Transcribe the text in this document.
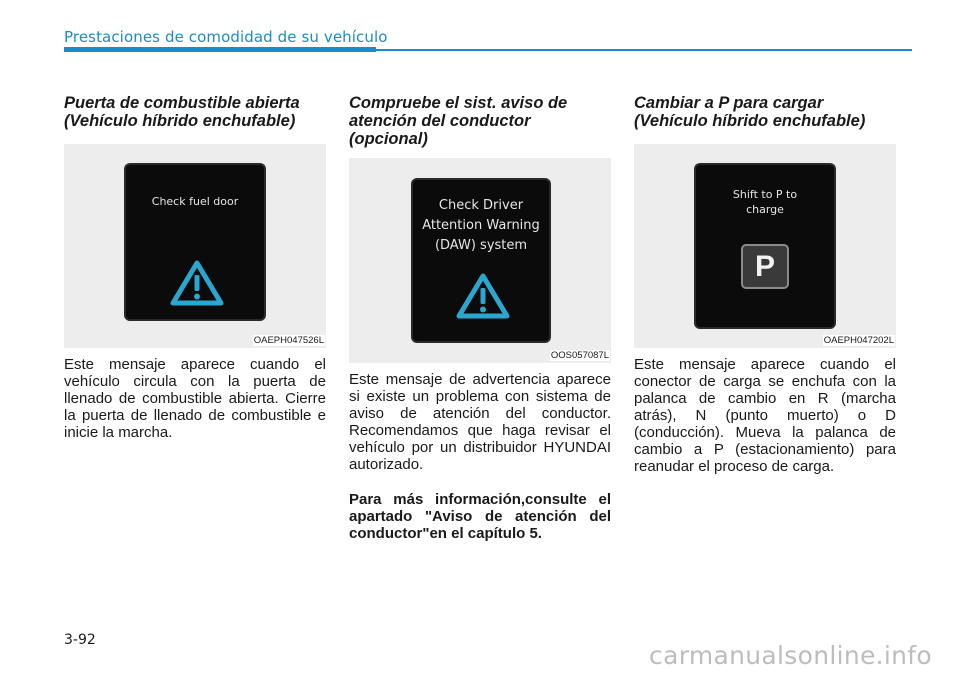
Prestaciones de comodidad de su vehículo
Puerta de combustible abierta
(Vehículo híbrido enchufable)
Check fuel door
OAEPH047526L

Este mensaje aparece cuando el vehículo circula con la puerta de llenado de combustible abierta. Cierre la puerta de llenado de combustible e inicie la marcha.

Compruebe el sist. aviso de
atención del conductor
(opcional)
Check Driver
Attention Warning
(DAW) system
OOS057087L

Este mensaje de advertencia aparece si existe un problema con sistema de aviso de atención del conductor. Recomendamos que haga revisar el vehículo por un distribuidor HYUNDAI autorizado.

Para más información,consulte el apartado "Aviso de atención del conductor"en el capítulo 5.

Cambiar a P para cargar
(Vehículo híbrido enchufable)
Shift to P to
charge
P
OAEPH047202L

Este mensaje aparece cuando el conector de carga se enchufa con la palanca de cambio en R (marcha atrás), N (punto muerto) o D (conducción). Mueva la palanca de cambio a P (estacionamiento) para reanudar el proceso de carga.

3-92
carmanualsonline.info
